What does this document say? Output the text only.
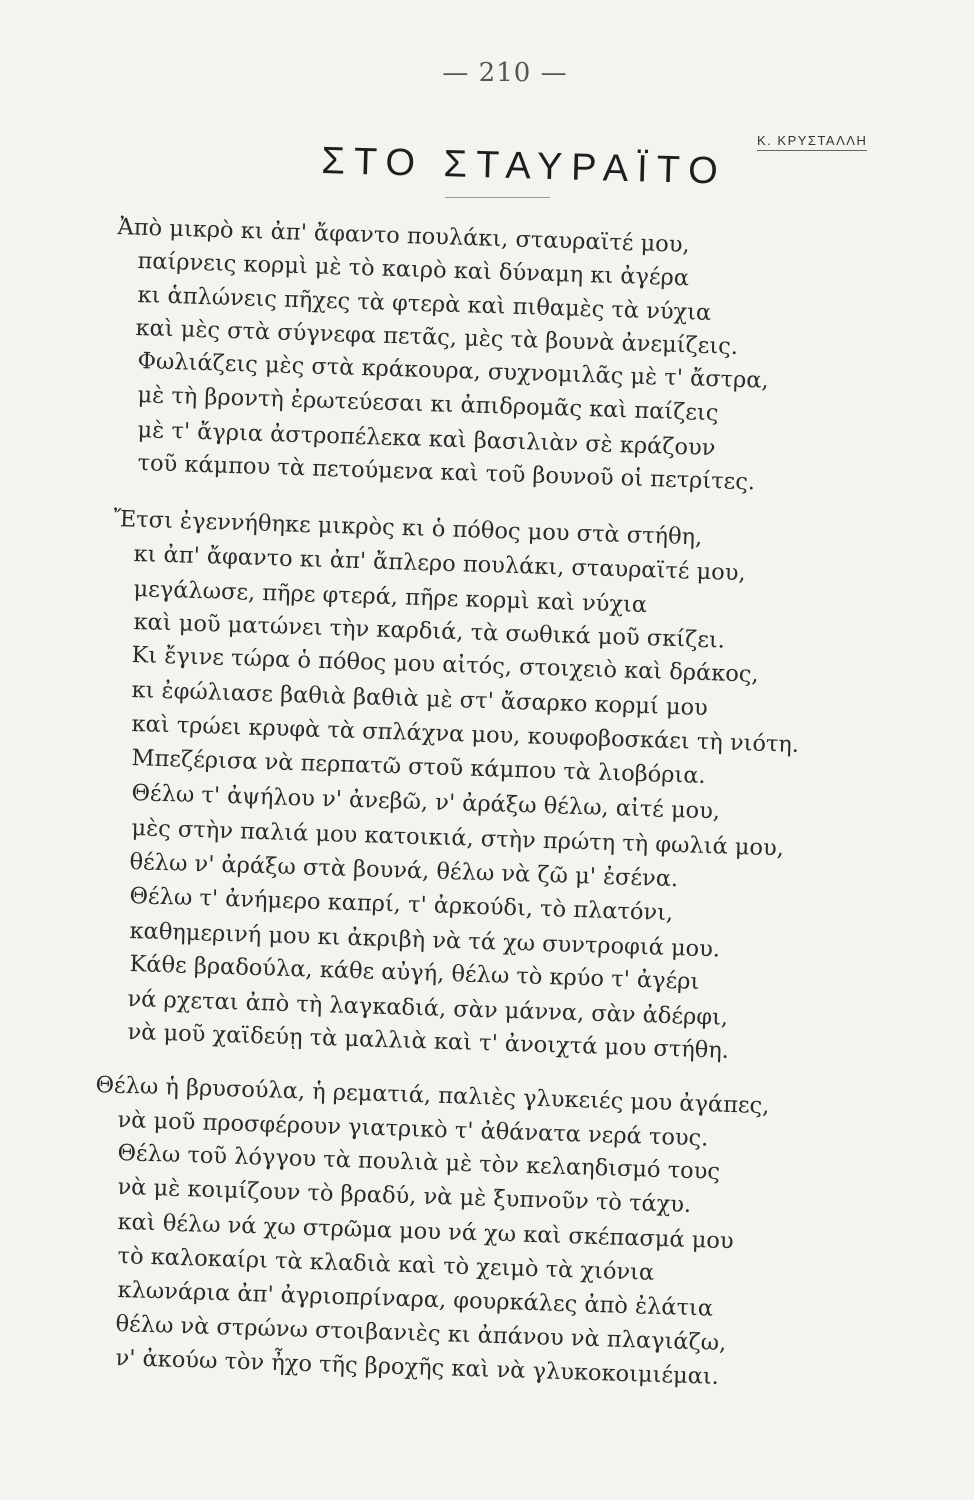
— 210 —
Κ. ΚΡΥΣΤΑΛΛΗ
ΣΤΟ ΣΤΑΥΡΑΪΤΟ
Ἀπὸ μικρὸ κι ἀπ' ἄφαντο πουλάκι, σταυραϊτέ μου,
παίρνεις κορμὶ μὲ τὸ καιρὸ καὶ δύναμη κι ἀγέρα
κι ἁπλώνεις πῆχες τὰ φτερὰ καὶ πιθαμὲς τὰ νύχια
καὶ μὲς στὰ σύγνεφα πετᾶς, μὲς τὰ βουνὰ ἀνεμίζεις.
Φωλιάζεις μὲς στὰ κράκουρα, συχνομιλᾶς μὲ τ' ἄστρα,
μὲ τὴ βροντὴ ἐρωτεύεσαι κι ἀπιδρομᾶς καὶ παίζεις
μὲ τ' ἄγρια ἀστροπέλεκα καὶ βασιλιὰν σὲ κράζουν
τοῦ κάμπου τὰ πετούμενα καὶ τοῦ βουνοῦ οἱ πετρίτες.
Ἔτσι ἐγεννήθηκε μικρὸς κι ὁ πόθος μου στὰ στήθη,
κι ἀπ' ἄφαντο κι ἀπ' ἄπλερο πουλάκι, σταυραϊτέ μου,
μεγάλωσε, πῆρε φτερά, πῆρε κορμὶ καὶ νύχια
καὶ μοῦ ματώνει τὴν καρδιά, τὰ σωθικά μοῦ σκίζει.
Κι ἔγινε τώρα ὁ πόθος μου αἰτός, στοιχειὸ καὶ δράκος,
κι ἐφώλιασε βαθιὰ βαθιὰ μὲ στ' ἄσαρκο κορμί μου
καὶ τρώει κρυφὰ τὰ σπλάχνα μου, κουφοβοσκάει τὴ νιότη.
Μπεζέρισα νὰ περπατῶ στοῦ κάμπου τὰ λιοβόρια.
Θέλω τ' ἀψήλου ν' ἀνεβῶ, ν' ἀράξω θέλω, αἰτέ μου,
μὲς στὴν παλιά μου κατοικιά, στὴν πρώτη τὴ φωλιά μου,
θέλω ν' ἀράξω στὰ βουνά, θέλω νὰ ζῶ μ' ἐσένα.
Θέλω τ' ἀνήμερο καπρί, τ' ἀρκούδι, τὸ πλατόνι,
καθημερινή μου κι ἀκριβὴ νὰ τά χω συντροφιά μου.
Κάθε βραδούλα, κάθε αὐγή, θέλω τὸ κρύο τ' ἀγέρι
νά ρχεται ἀπὸ τὴ λαγκαδιά, σὰν μάννα, σὰν ἀδέρφι,
νὰ μοῦ χαϊδεύῃ τὰ μαλλιὰ καὶ τ' ἀνοιχτά μου στήθη.
Θέλω ἡ βρυσούλα, ἡ ρεματιά, παλιὲς γλυκειές μου ἀγάπες,
νὰ μοῦ προσφέρουν γιατρικὸ τ' ἀθάνατα νερά τους.
Θέλω τοῦ λόγγου τὰ πουλιὰ μὲ τὸν κελαηδισμό τους
νὰ μὲ κοιμίζουν τὸ βραδύ, νὰ μὲ ξυπνοῦν τὸ τάχυ.
καὶ θέλω νά χω στρῶμα μου νά χω καὶ σκέπασμά μου
τὸ καλοκαίρι τὰ κλαδιὰ καὶ τὸ χειμὸ τὰ χιόνια
κλωνάρια ἀπ' ἀγριοπρίναρα, φουρκάλες ἀπὸ ἐλάτια
θέλω νὰ στρώνω στοιβανιὲς κι ἀπάνου νὰ πλαγιάζω,
ν' ἀκούω τὸν ἦχο τῆς βροχῆς καὶ νὰ γλυκοκοιμιέμαι.
